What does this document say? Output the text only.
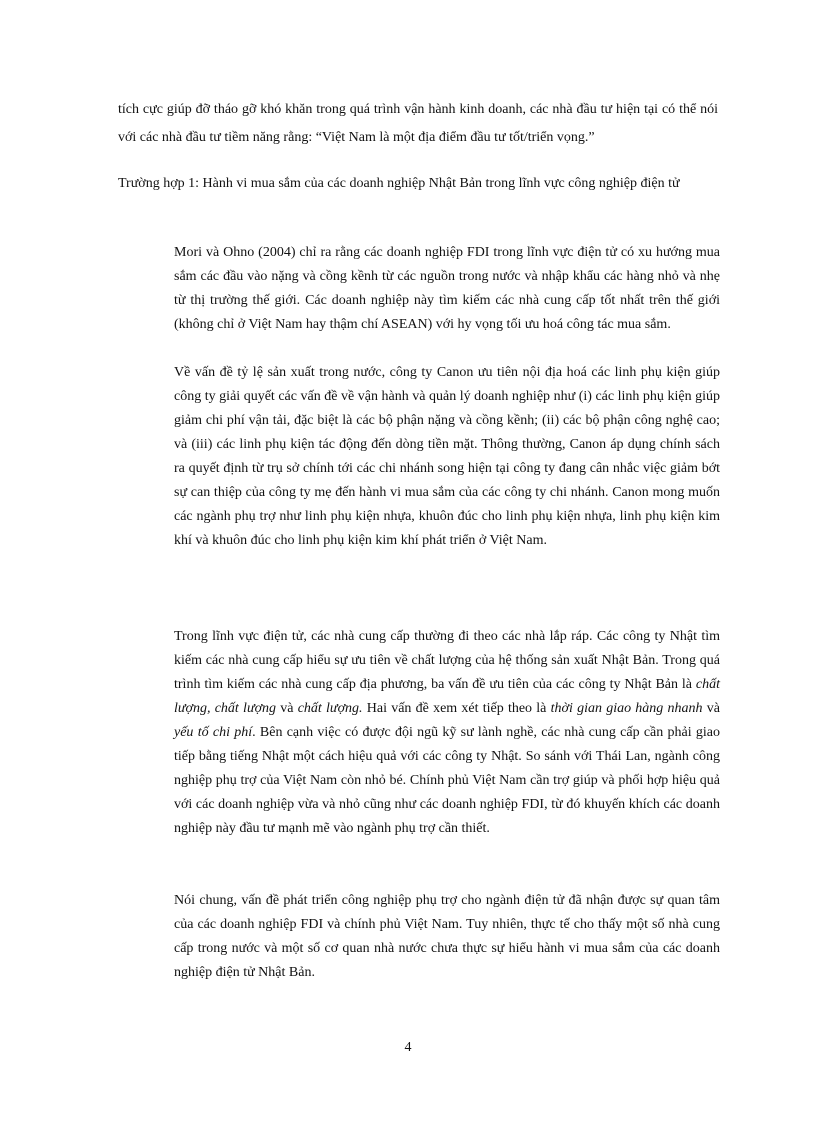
tích cực giúp đỡ tháo gỡ khó khăn trong quá trình vận hành kinh doanh, các nhà đầu tư hiện tại có thể nói với các nhà đầu tư tiềm năng rằng: “Việt Nam là một địa điểm đầu tư tốt/triển vọng.”

Trường hợp 1: Hành vi mua sắm của các doanh nghiệp Nhật Bản trong lĩnh vực công nghiệp điện tử

Mori và Ohno (2004) chỉ ra rằng các doanh nghiệp FDI trong lĩnh vực điện tử có xu hướng mua sắm các đầu vào nặng và cồng kềnh từ các nguồn trong nước và nhập khẩu các hàng nhỏ và nhẹ từ thị trường thế giới. Các doanh nghiệp này tìm kiếm các nhà cung cấp tốt nhất trên thế giới (không chỉ ở Việt Nam hay thậm chí ASEAN) với hy vọng tối ưu hoá công tác mua sắm.

Về vấn đề tỷ lệ sản xuất trong nước, công ty Canon ưu tiên nội địa hoá các linh phụ kiện giúp công ty giải quyết các vấn đề về vận hành và quản lý doanh nghiệp như (i) các linh phụ kiện giúp giảm chi phí vận tải, đặc biệt là các bộ phận nặng và cồng kềnh; (ii) các bộ phận công nghệ cao; và (iii) các linh phụ kiện tác động đến dòng tiền mặt. Thông thường, Canon áp dụng chính sách ra quyết định từ trụ sở chính tới các chi nhánh song hiện tại công ty đang cân nhắc việc giảm bớt sự can thiệp của công ty mẹ đến hành vi mua sắm của các công ty chi nhánh. Canon mong muốn các ngành phụ trợ như linh phụ kiện nhựa, khuôn đúc cho linh phụ kiện nhựa, linh phụ kiện kim khí và khuôn đúc cho linh phụ kiện kim khí phát triển ở Việt Nam.

Trong lĩnh vực điện tử, các nhà cung cấp thường đi theo các nhà lắp ráp. Các công ty Nhật tìm kiếm các nhà cung cấp hiểu sự ưu tiên về chất lượng của hệ thống sản xuất Nhật Bản. Trong quá trình tìm kiếm các nhà cung cấp địa phương, ba vấn đề ưu tiên của các công ty Nhật Bản là chất lượng, chất lượng và chất lượng. Hai vấn đề xem xét tiếp theo là thời gian giao hàng nhanh và yếu tố chi phí. Bên cạnh việc có được đội ngũ kỹ sư lành nghề, các nhà cung cấp cần phải giao tiếp bằng tiếng Nhật một cách hiệu quả với các công ty Nhật. So sánh với Thái Lan, ngành công nghiệp phụ trợ của Việt Nam còn nhỏ bé. Chính phủ Việt Nam cần trợ giúp và phối hợp hiệu quả với các doanh nghiệp vừa và nhỏ cũng như các doanh nghiệp FDI, từ đó khuyến khích các doanh nghiệp này đầu tư mạnh mẽ vào ngành phụ trợ cần thiết.

Nói chung, vấn đề phát triển công nghiệp phụ trợ cho ngành điện tử đã nhận được sự quan tâm của các doanh nghiệp FDI và chính phủ Việt Nam. Tuy nhiên, thực tế cho thấy một số nhà cung cấp trong nước và một số cơ quan nhà nước chưa thực sự hiểu hành vi mua sắm của các doanh nghiệp điện tử Nhật Bản.

4
